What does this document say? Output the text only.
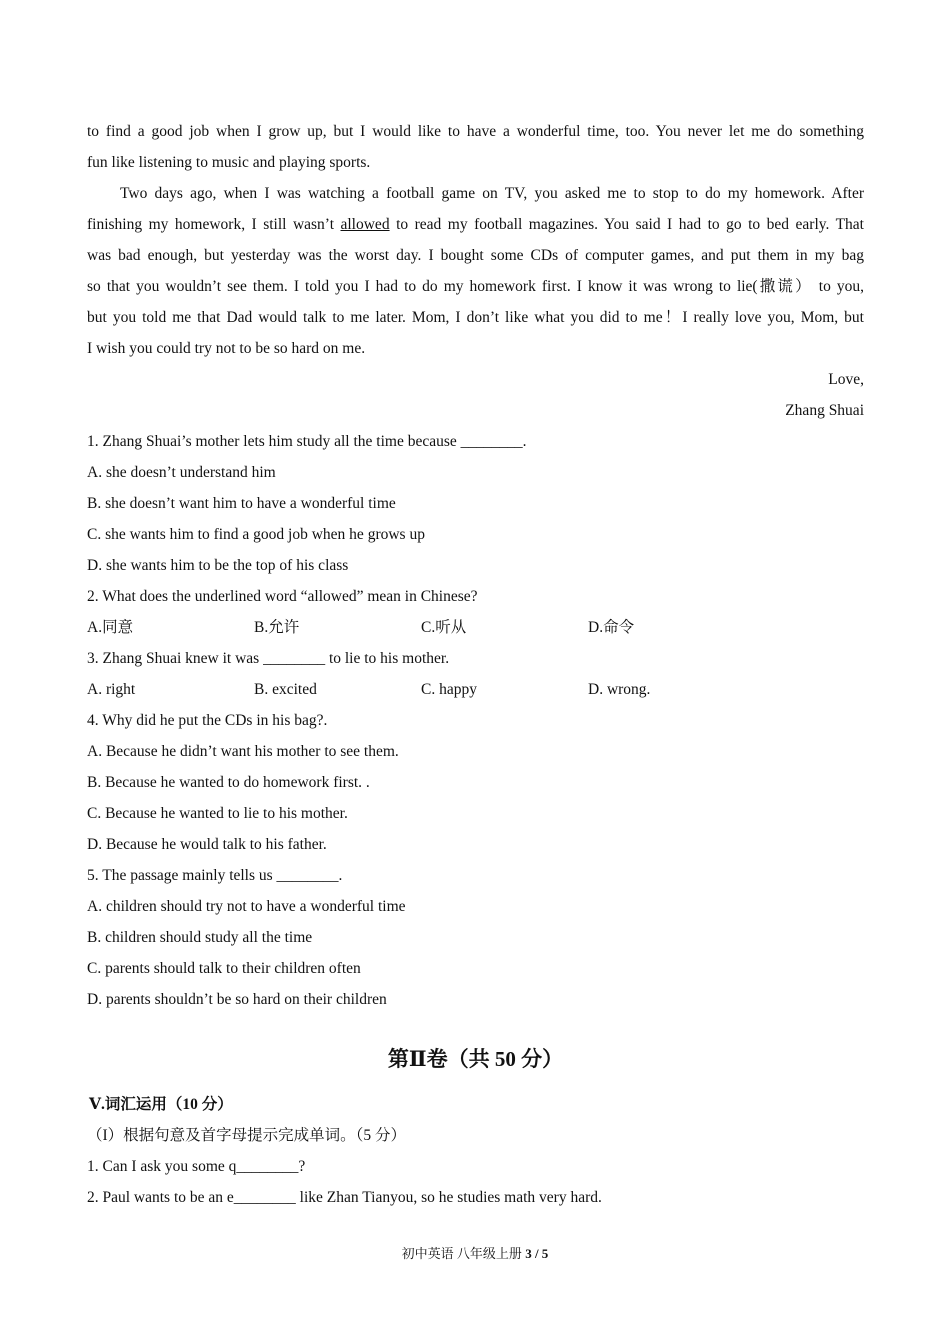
to find a good job when I grow up, but I would like to have a wonderful time, too. You never let me do something
fun like listening to music and playing sports.
Two days ago, when I was watching a football game on TV, you asked me to stop to do my homework. After
finishing my homework, I still wasn’t allowed to read my football magazines. You said I had to go to bed early. That
was bad enough, but yesterday was the worst day. I bought some CDs of computer games, and put them in my bag
so that you wouldn’t see them. I told you I had to do my homework first. I know it was wrong to lie(撒谎） to you,
but you told me that Dad would talk to me later. Mom, I don’t like what you did to me！I really love you, Mom, but
I wish you could try not to be so hard on me.
Love,
Zhang Shuai
1. Zhang Shuai’s mother lets him study all the time because ________.
A. she doesn’t understand him
B. she doesn’t want him to have a wonderful time
C. she wants him to find a good job when he grows up
D. she wants him to be the top of his class
2. What does the underlined word “allowed” mean in Chinese?
A.同意	B.允许	C.听从	D.命令
3. Zhang Shuai knew it was ________ to lie to his mother.
A. right	B. excited	C. happy	D. wrong.
4. Why did he put the CDs in his bag?.
A. Because he didn’t want his mother to see them.
B. Because he wanted to do homework first. .
C. Because he wanted to lie to his mother.
D. Because he would talk to his father.
5. The passage mainly tells us ________.
A. children should try not to have a wonderful time
B. children should study all the time
C. parents should talk to their children often
D. parents shouldn’t be so hard on their children
第Ⅱ卷（共 50 分）
Ⅴ.词汇运用（10 分）
（I）根据句意及首字母提示完成单词。（5 分）
1. Can I ask you some q________?
2. Paul wants to be an e________ like Zhan Tianyou, so he studies math very hard.
初中英语 八年级上册 3 / 5
